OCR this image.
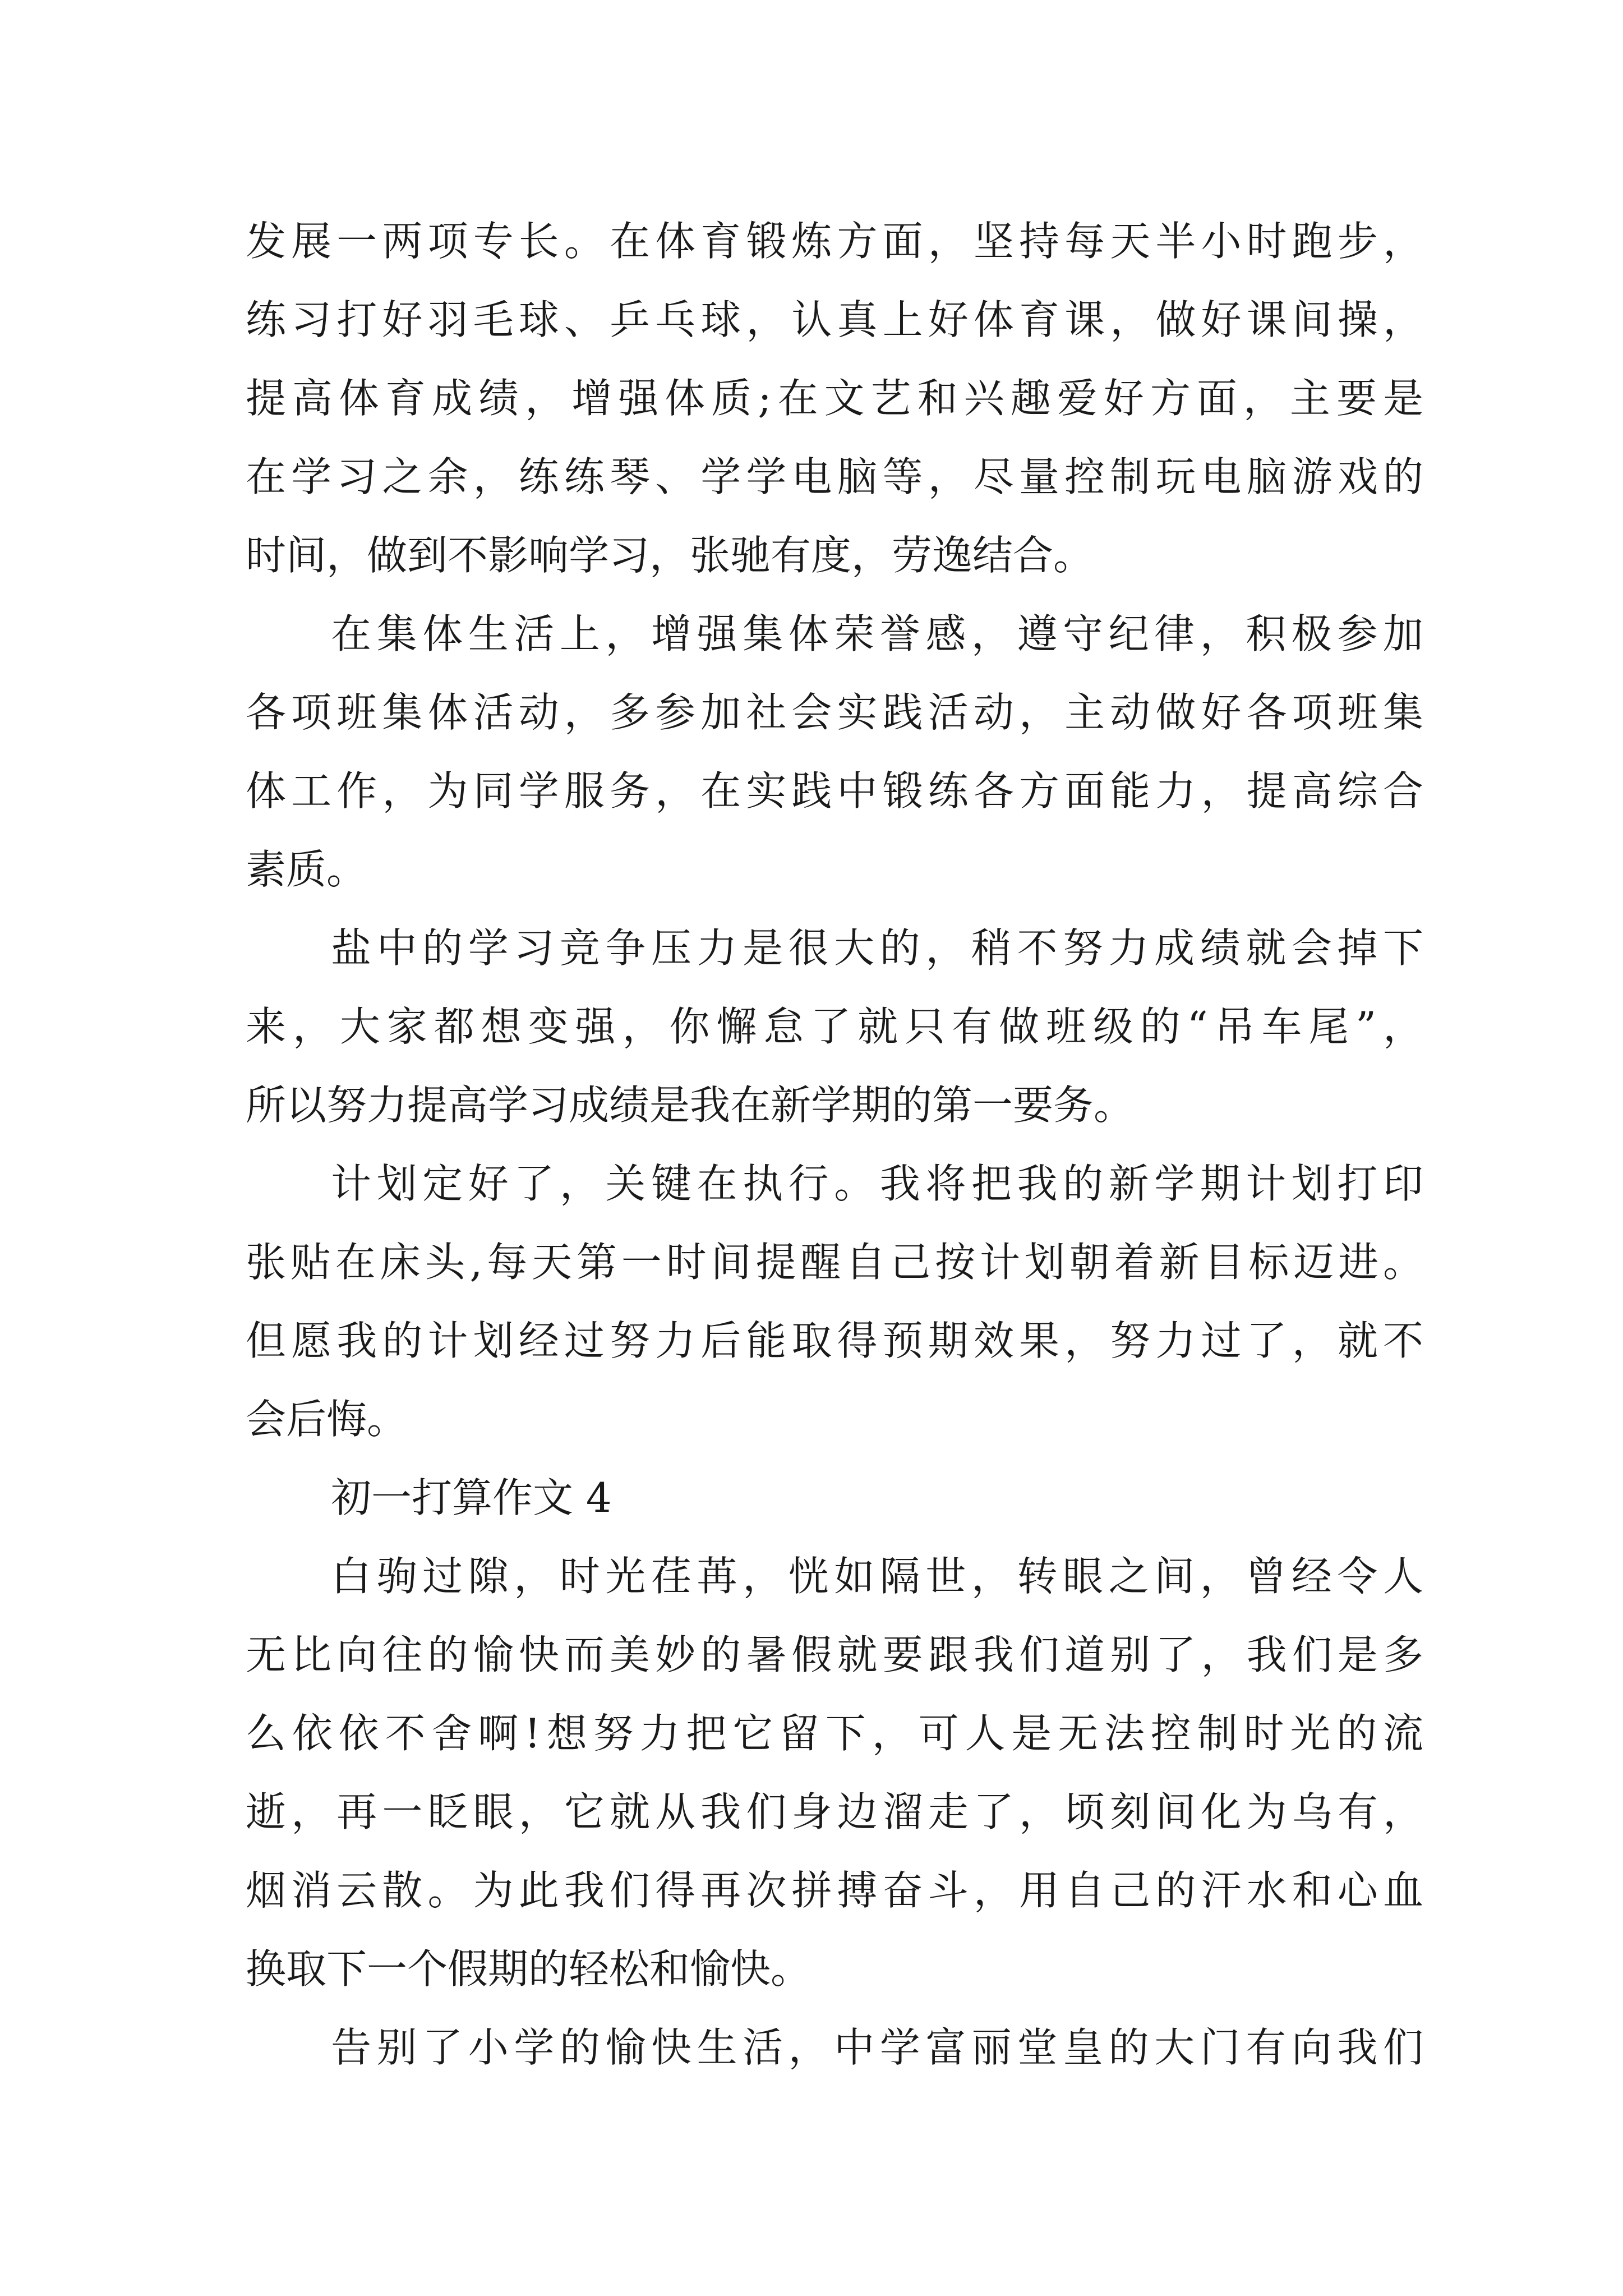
发展一两项专长。在体育锻炼方面，坚持每天半小时跑步，
练习打好羽毛球、乒乓球，认真上好体育课，做好课间操，
提高体育成绩，增强体质;在文艺和兴趣爱好方面，主要是
在学习之余，练练琴、学学电脑等，尽量控制玩电脑游戏的
时间，做到不影响学习，张驰有度，劳逸结合。
在集体生活上，增强集体荣誉感，遵守纪律，积极参加
各项班集体活动，多参加社会实践活动，主动做好各项班集
体工作，为同学服务，在实践中锻练各方面能力，提高综合
素质。
盐中的学习竞争压力是很大的，稍不努力成绩就会掉下
来，大家都想变强，你懈怠了就只有做班级的“吊车尾”，
所以努力提高学习成绩是我在新学期的第一要务。
计划定好了，关键在执行。我将把我的新学期计划打印
张贴在床头,每天第一时间提醒自己按计划朝着新目标迈进。
但愿我的计划经过努力后能取得预期效果，努力过了，就不
会后悔。
初一打算作文 4
白驹过隙，时光荏苒，恍如隔世，转眼之间，曾经令人
无比向往的愉快而美妙的暑假就要跟我们道别了，我们是多
么依依不舍啊!想努力把它留下，可人是无法控制时光的流
逝，再一眨眼，它就从我们身边溜走了，顷刻间化为乌有，
烟消云散。为此我们得再次拼搏奋斗，用自己的汗水和心血
换取下一个假期的轻松和愉快。
告别了小学的愉快生活，中学富丽堂皇的大门有向我们
